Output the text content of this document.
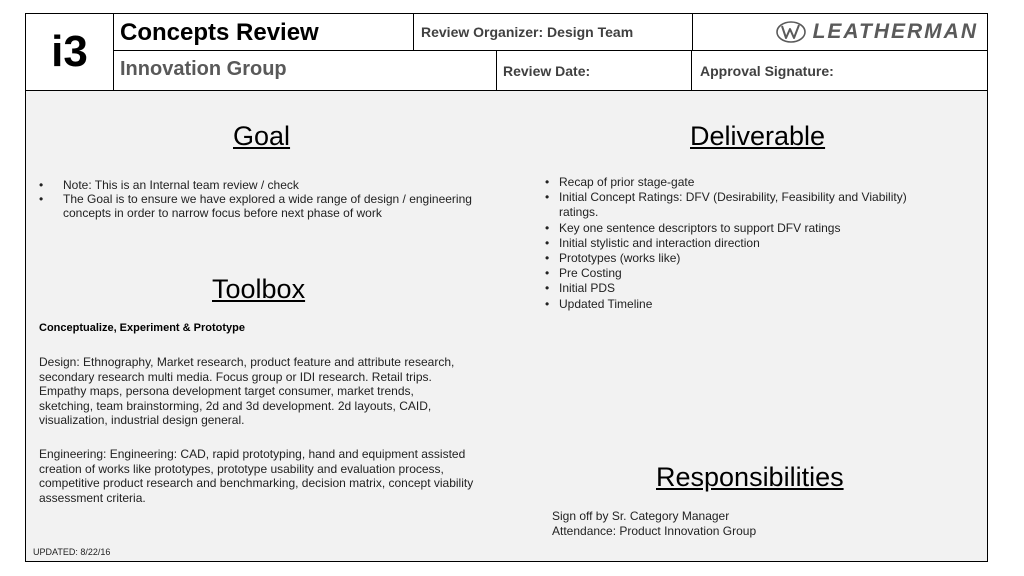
i3	Concepts Review	Review Organizer: Design Team	LEATHERMAN
Innovation Group	Review Date:	Approval Signature:
Goal
• Note: This is an Internal team review / check
• The Goal is to ensure we have explored a wide range of design / engineering concepts in order to narrow focus before next phase of work
Toolbox
Conceptualize, Experiment & Prototype

Design: Ethnography, Market research, product feature and attribute research, secondary research multi media. Focus group or IDI research. Retail trips. Empathy maps, persona development target consumer, market trends, sketching, team brainstorming, 2d and 3d development. 2d layouts, CAID, visualization, industrial design general.

Engineering: Engineering: CAD, rapid prototyping, hand and equipment assisted creation of works like prototypes, prototype usability and evaluation process, competitive product research and benchmarking, decision matrix, concept viability assessment criteria.

Deliverable
• Recap of prior stage-gate
• Initial Concept Ratings: DFV (Desirability, Feasibility and Viability) ratings.
• Key one sentence descriptors to support DFV ratings
• Initial stylistic and interaction direction
• Prototypes (works like)
• Pre Costing
• Initial PDS
• Updated Timeline
Responsibilities

Sign off by Sr. Category Manager

Attendance: Product Innovation Group

UPDATED: 8/22/16
